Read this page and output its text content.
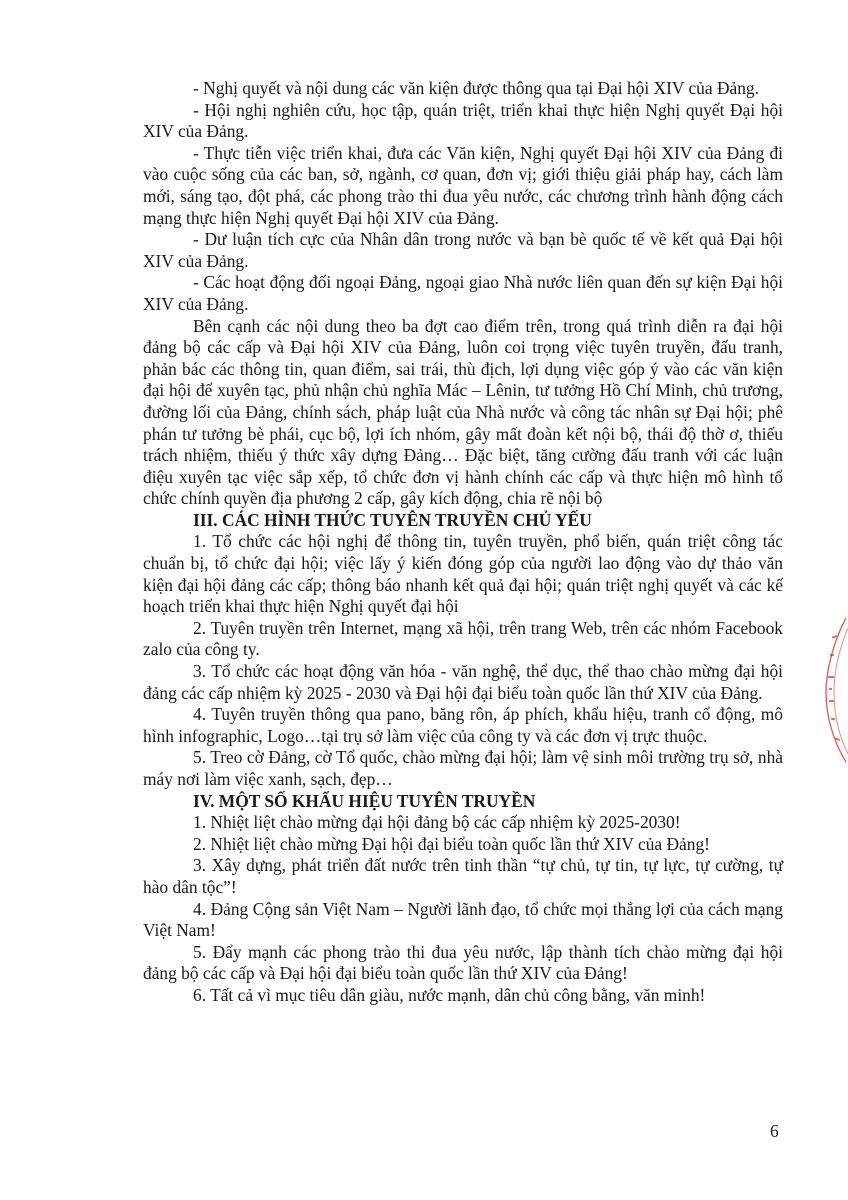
- Nghị quyết và nội dung các văn kiện được thông qua tại Đại hội XIV của Đảng.

- Hội nghị nghiên cứu, học tập, quán triệt, triển khai thực hiện Nghị quyết Đại hội XIV của Đảng.

- Thực tiễn việc triển khai, đưa các Văn kiện, Nghị quyết Đại hội XIV của Đảng đi vào cuộc sống của các ban, sở, ngành, cơ quan, đơn vị; giới thiệu giải pháp hay, cách làm mới, sáng tạo, đột phá, các phong trào thi đua yêu nước, các chương trình hành động cách mạng thực hiện Nghị quyết Đại hội XIV của Đảng.

- Dư luận tích cực của Nhân dân trong nước và bạn bè quốc tế về kết quả Đại hội XIV của Đảng.

- Các hoạt động đối ngoại Đảng, ngoại giao Nhà nước liên quan đến sự kiện Đại hội XIV của Đảng.

Bên cạnh các nội dung theo ba đợt cao điểm trên, trong quá trình diễn ra đại hội đảng bộ các cấp và Đại hội XIV của Đảng, luôn coi trọng việc tuyên truyền, đấu tranh, phản bác các thông tin, quan điểm, sai trái, thù địch, lợi dụng việc góp ý vào các văn kiện đại hội để xuyên tạc, phủ nhận chủ nghĩa Mác – Lênin, tư tưởng Hồ Chí Minh, chủ trương, đường lối của Đảng, chính sách, pháp luật của Nhà nước và công tác nhân sự Đại hội; phê phán tư tưởng bè phái, cục bộ, lợi ích nhóm, gây mất đoàn kết nội bộ, thái độ thờ ơ, thiếu trách nhiệm, thiếu ý thức xây dựng Đảng… Đặc biệt, tăng cường đấu tranh với các luận điệu xuyên tạc việc sắp xếp, tổ chức đơn vị hành chính các cấp và thực hiện mô hình tổ chức chính quyền địa phương 2 cấp, gây kích động, chia rẽ nội bộ

III. CÁC HÌNH THỨC TUYÊN TRUYỀN CHỦ YẾU

1. Tổ chức các hội nghị để thông tin, tuyên truyền, phổ biến, quán triệt công tác chuẩn bị, tổ chức đại hội; việc lấy ý kiến đóng góp của người lao động vào dự thảo văn kiện đại hội đảng các cấp; thông báo nhanh kết quả đại hội; quán triệt nghị quyết và các kế hoạch triển khai thực hiện Nghị quyết đại hội

2. Tuyên truyền trên Internet, mạng xã hội, trên trang Web, trên các nhóm Facebook zalo của công ty.

3. Tổ chức các hoạt động văn hóa - văn nghệ, thể dục, thể thao chào mừng đại hội đảng các cấp nhiệm kỳ 2025 - 2030 và Đại hội đại biểu toàn quốc lần thứ XIV của Đảng.

4. Tuyên truyền thông qua pano, băng rôn, áp phích, khẩu hiệu, tranh cổ động, mô hình infographic, Logo…tại trụ sở làm việc của công ty và các đơn vị trực thuộc.

5. Treo cờ Đảng, cờ Tổ quốc, chào mừng đại hội; làm vệ sinh môi trường trụ sở, nhà máy nơi làm việc xanh, sạch, đẹp…

IV. MỘT SỐ KHẨU HIỆU TUYÊN TRUYỀN

1. Nhiệt liệt chào mừng đại hội đảng bộ các cấp nhiệm kỳ 2025-2030!

2. Nhiệt liệt chào mừng Đại hội đại biểu toàn quốc lần thứ XIV của Đảng!

3. Xây dựng, phát triển đất nước trên tinh thần “tự chủ, tự tin, tự lực, tự cường, tự hào dân tộc”!

4. Đảng Cộng sản Việt Nam – Người lãnh đạo, tổ chức mọi thắng lợi của cách mạng Việt Nam!

5. Đẩy mạnh các phong trào thi đua yêu nước, lập thành tích chào mừng đại hội đảng bộ các cấp và Đại hội đại biểu toàn quốc lần thứ XIV của Đảng!

6. Tất cả vì mục tiêu dân giàu, nước mạnh, dân chủ công bằng, văn minh!

6
